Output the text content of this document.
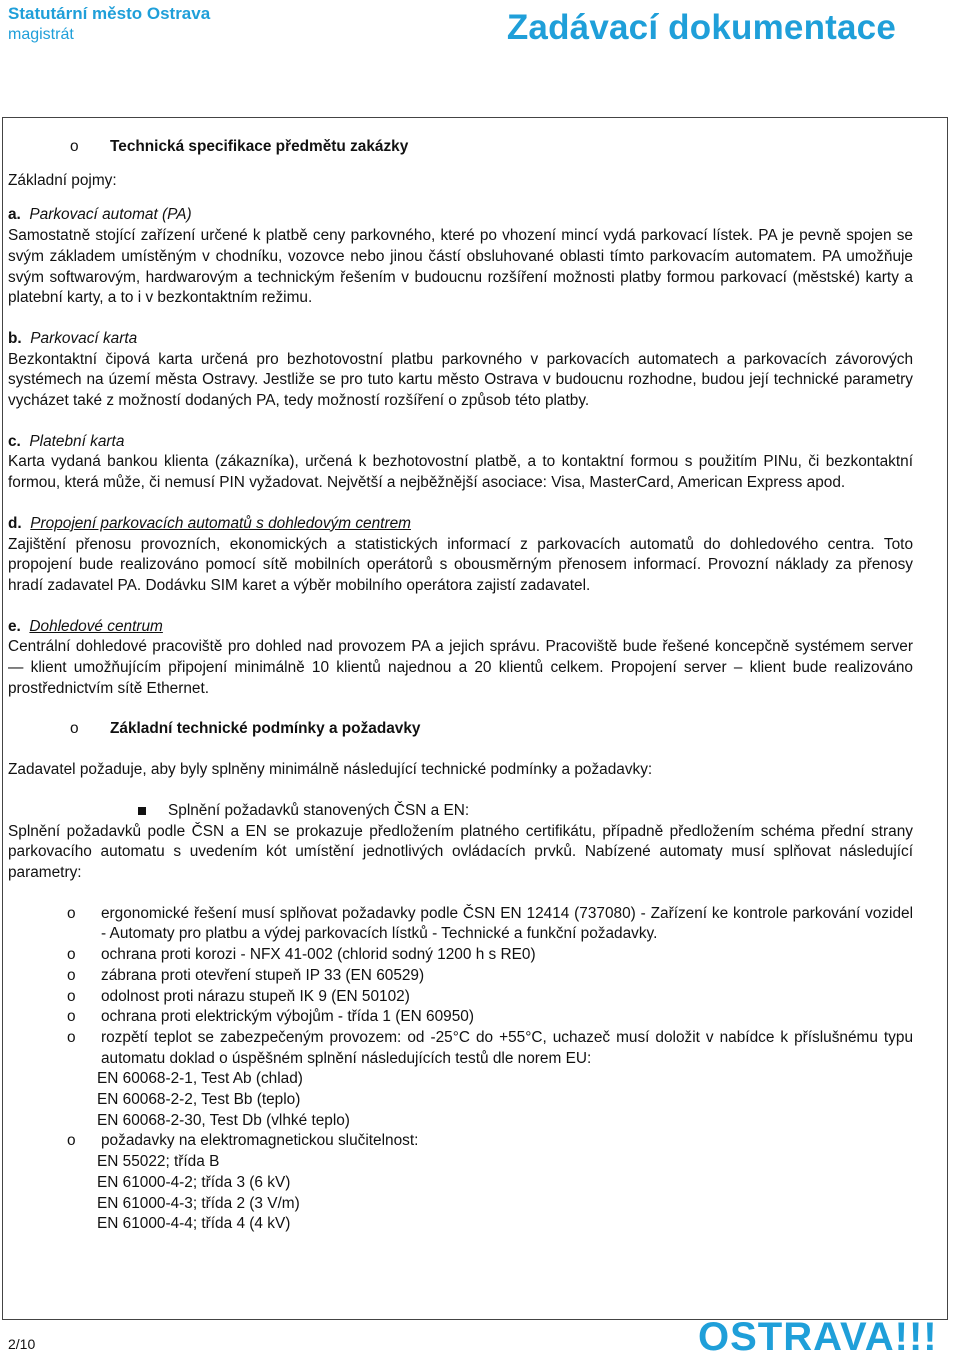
Statutární město Ostrava
magistrát	Zadávací dokumentace
o	Technická specifikace předmětu zakázky

Základní pojmy:

a. Parkovací automat (PA)

Samostatně stojící zařízení určené k platbě ceny parkovného, které po vhození mincí vydá parkovací lístek. PA je pevně spojen se svým základem umístěným v chodníku, vozovce nebo jinou částí obsluhované oblasti tímto parkovacím automatem. PA umožňuje svým softwarovým, hardwarovým a technickým řešením v budoucnu rozšíření možnosti platby formou parkovací (městské) karty a platební karty, a to i v bezkontaktním režimu.

b. Parkovací karta

Bezkontaktní čipová karta určená pro bezhotovostní platbu parkovného v parkovacích automatech a parkovacích závorových systémech na území města Ostravy. Jestliže se pro tuto kartu město Ostrava v budoucnu rozhodne, budou její technické parametry vycházet také z možností dodaných PA, tedy možností rozšíření o způsob této platby.

c. Platební karta

Karta vydaná bankou klienta (zákazníka), určená k bezhotovostní platbě, a to kontaktní formou s použitím PINu, či bezkontaktní formou, která může, či nemusí PIN vyžadovat. Největší a nejběžnější asociace: Visa, MasterCard, American Express apod.

d. Propojení parkovacích automatů s dohledovým centrem

Zajištění přenosu provozních, ekonomických a statistických informací z parkovacích automatů do dohledového centra. Toto propojení bude realizováno pomocí sítě mobilních operátorů s obousměrným přenosem informací. Provozní náklady za přenosy hradí zadavatel PA. Dodávku SIM karet a výběr mobilního operátora zajistí zadavatel.

e. Dohledové centrum

Centrální dohledové pracoviště pro dohled nad provozem PA a jejich správu. Pracoviště bude řešené koncepčně systémem server — klient umožňujícím připojení minimálně 10 klientů najednou a 20 klientů celkem. Propojení server – klient bude realizováno prostřednictvím sítě Ethernet.

o	Základní technické podmínky a požadavky

Zadavatel požaduje, aby byly splněny minimálně následující technické podmínky a požadavky:

Splnění požadavků stanovených ČSN a EN:

Splnění požadavků podle ČSN a EN se prokazuje předložením platného certifikátu, případně předložením schéma přední strany parkovacího automatu s uvedením kót umístění jednotlivých ovládacích prvků. Nabízené automaty musí splňovat následující parametry:

o	ergonomické řešení musí splňovat požadavky podle ČSN EN 12414 (737080) - Zařízení ke kontrole parkování vozidel - Automaty pro platbu a výdej parkovacích lístků - Technické a funkční požadavky.
o	ochrana proti korozi - NFX 41-002 (chlorid sodný 1200 h s RE0)
o	zábrana proti otevření stupeň IP 33 (EN 60529)
o	odolnost proti nárazu stupeň IK 9 (EN 50102)
o	ochrana proti elektrickým výbojům - třída 1 (EN 60950)
o	rozpětí teplot se zabezpečeným provozem: od -25°C do +55°C, uchazeč musí doložit v nabídce k příslušnému typu automatu doklad o úspěšném splnění následujících testů dle norem EU:

EN 60068-2-1, Test Ab (chlad)

EN 60068-2-2, Test Bb (teplo)

EN 60068-2-30, Test Db (vlhké teplo)

o	požadavky na elektromagnetickou slučitelnost:

EN 55022; třída B

EN 61000-4-2; třída 3 (6 kV)

EN 61000-4-3; třída 2 (3 V/m)

EN 61000-4-4; třída 4 (4 kV)

2/10	OSTRAVA!!!
